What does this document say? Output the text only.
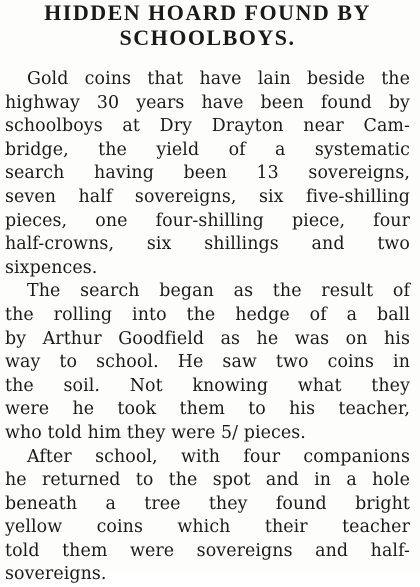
HIDDEN HOARD FOUND BY
SCHOOLBOYS.

Gold coins that have lain beside the
highway 30 years have been found by
schoolboys at Dry Drayton near Cam-
bridge, the yield of a systematic
search having been 13 sovereigns,
seven half sovereigns, six five-shilling
pieces, one four-shilling piece, four
half-crowns, six shillings and two
sixpences.

The search began as the result of
the rolling into the hedge of a ball
by Arthur Goodfield as he was on his
way to school. He saw two coins in
the soil. Not knowing what they
were he took them to his teacher,
who told him they were 5/ pieces.

After school, with four companions
he returned to the spot and in a hole
beneath a tree they found bright
yellow coins which their teacher
told them were sovereigns and half-
sovereigns.
